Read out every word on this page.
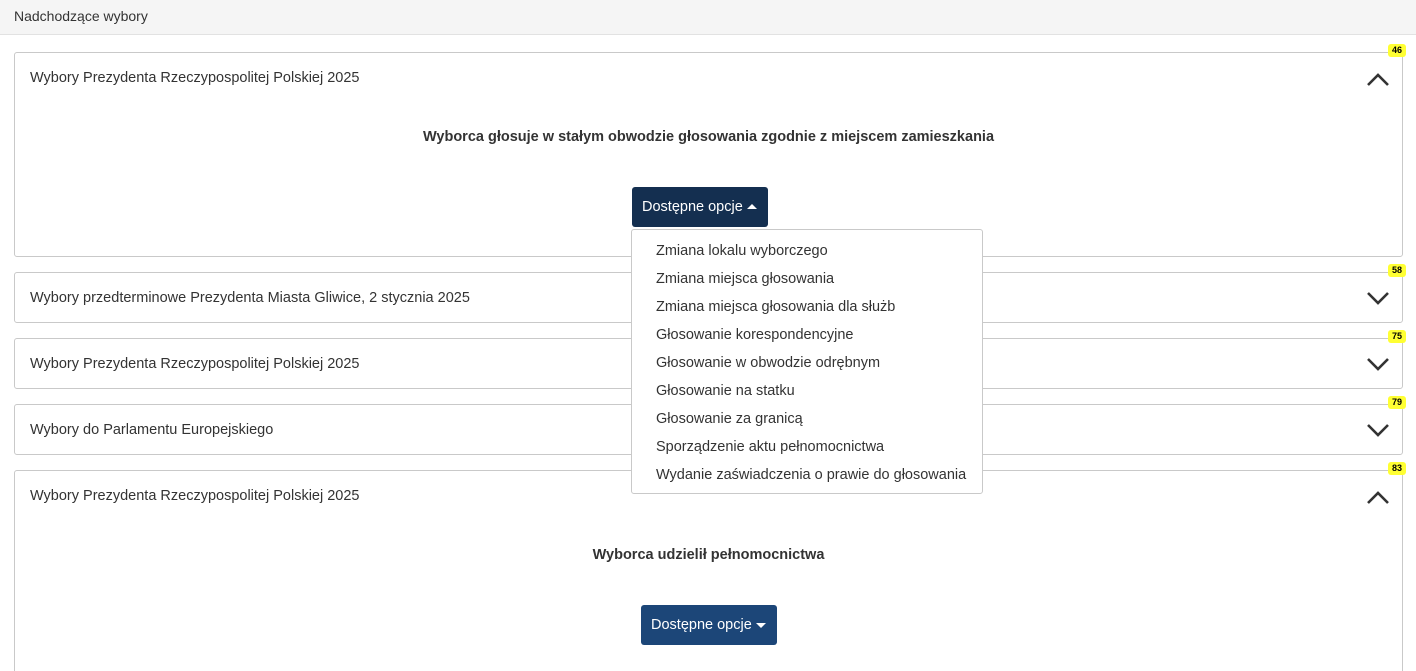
Nadchodzące wybory
46
Wybory Prezydenta Rzeczypospolitej Polskiej 2025
Wyborca głosuje w stałym obwodzie głosowania zgodnie z miejscem zamieszkania
Dostępne opcje
58
Wybory przedterminowe Prezydenta Miasta Gliwice, 2 stycznia 2025
75
Wybory Prezydenta Rzeczypospolitej Polskiej 2025
79
Wybory do Parlamentu Europejskiego
83
Wybory Prezydenta Rzeczypospolitej Polskiej 2025
Wyborca udzielił pełnomocnictwa
Dostępne opcje
Zmiana lokalu wyborczego
Zmiana miejsca głosowania
Zmiana miejsca głosowania dla służb
Głosowanie korespondencyjne
Głosowanie w obwodzie odrębnym
Głosowanie na statku
Głosowanie za granicą
Sporządzenie aktu pełnomocnictwa
Wydanie zaświadczenia o prawie do głosowania
